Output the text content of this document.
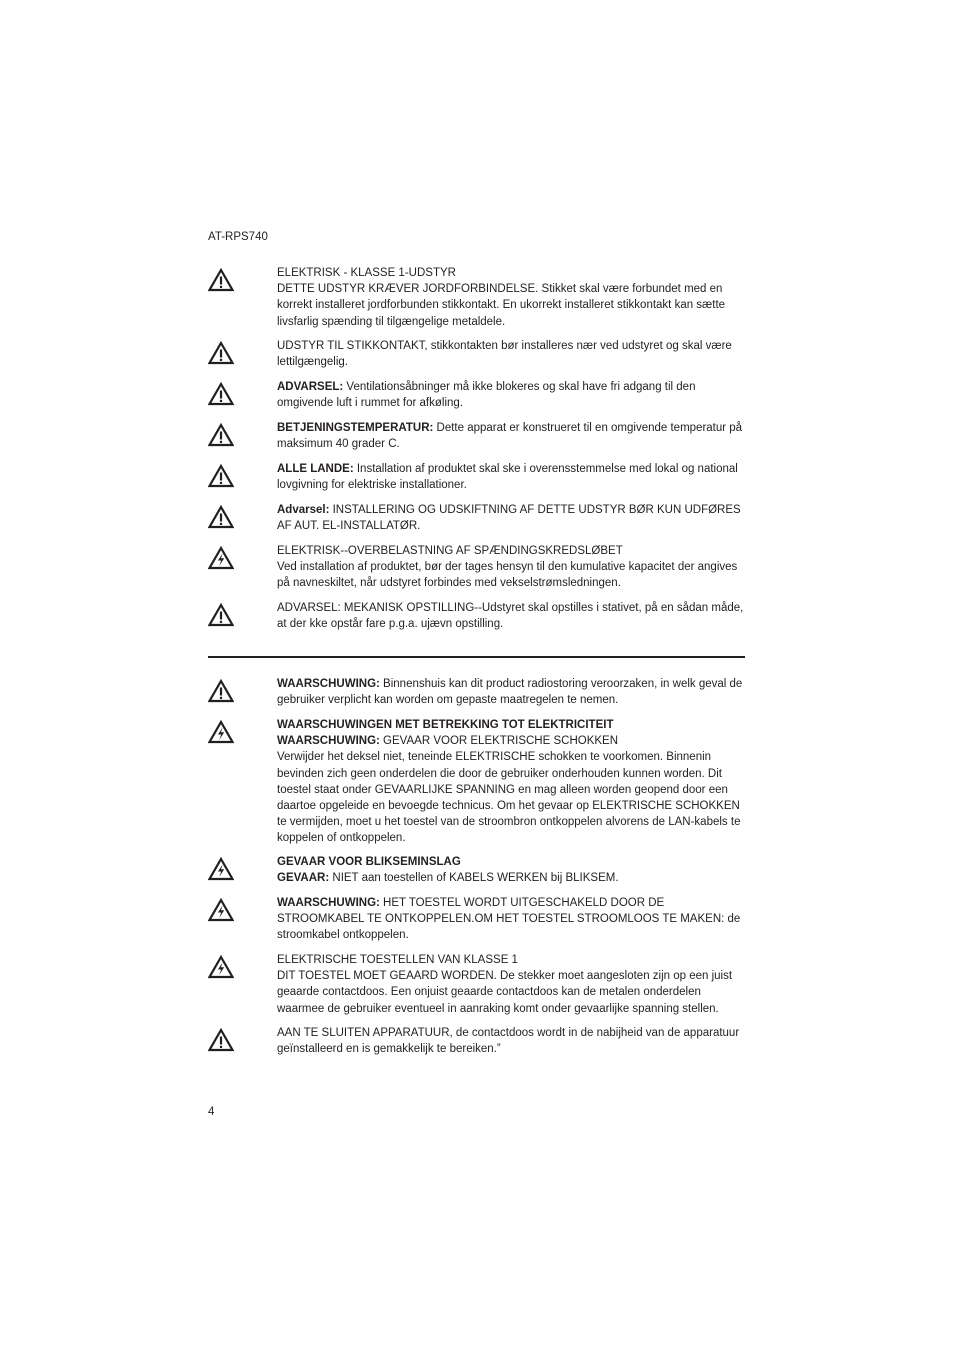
AT-RPS740

ELEKTRISK - KLASSE 1-UDSTYR

DETTE UDSTYR KRÆVER JORDFORBINDELSE. Stikket skal være forbundet med en korrekt installeret jordforbunden stikkontakt. En ukorrekt installeret stikkontakt kan sætte livsfarlig spænding til tilgængelige metaldele.

UDSTYR TIL STIKKONTAKT, stikkontakten bør installeres nær ved udstyret og skal være lettilgængelig.

ADVARSEL: Ventilationsåbninger må ikke blokeres og skal have fri adgang til den omgivende luft i rummet for afkøling.

BETJENINGSTEMPERATUR: Dette apparat er konstrueret til en omgivende temperatur på maksimum 40 grader C.

ALLE LANDE: Installation af produktet skal ske i overensstemmelse med lokal og national lovgivning for elektriske installationer.

Advarsel: INSTALLERING OG UDSKIFTNING AF DETTE UDSTYR BØR KUN UDFØRES AF AUT. EL-INSTALLATØR.

ELEKTRISK--OVERBELASTNING AF SPÆNDINGSKREDSLØBET

Ved installation af produktet, bør der tages hensyn til den kumulative kapacitet der angives på navneskiltet, når udstyret forbindes med vekselstrømsledningen.

ADVARSEL: MEKANISK OPSTILLING--Udstyret skal opstilles i stativet, på en sådan måde, at der kke opstår fare p.g.a. ujævn opstilling.

WAARSCHUWING: Binnenshuis kan dit product radiostoring veroorzaken, in welk geval de gebruiker verplicht kan worden om gepaste maatregelen te nemen.

WAARSCHUWINGEN MET BETREKKING TOT ELEKTRICITEIT

WAARSCHUWING: GEVAAR VOOR ELEKTRISCHE SCHOKKEN

Verwijder het deksel niet, teneinde ELEKTRISCHE schokken te voorkomen. Binnenin bevinden zich geen onderdelen die door de gebruiker onderhouden kunnen worden. Dit toestel staat onder GEVAARLIJKE SPANNING en mag alleen worden geopend door een daartoe opgeleide en bevoegde technicus. Om het gevaar op ELEKTRISCHE SCHOKKEN te vermijden, moet u het toestel van de stroombron ontkoppelen alvorens de LAN-kabels te koppelen of ontkoppelen.

GEVAAR VOOR BLIKSEMINSLAG

GEVAAR: NIET aan toestellen of KABELS WERKEN bij BLIKSEM.

WAARSCHUWING: HET TOESTEL WORDT UITGESCHAKELD DOOR DE STROOMKABEL TE ONTKOPPELEN.OM HET TOESTEL STROOMLOOS TE MAKEN: de stroomkabel ontkoppelen.

ELEKTRISCHE TOESTELLEN VAN KLASSE 1

DIT TOESTEL MOET GEAARD WORDEN. De stekker moet aangesloten zijn op een juist geaarde contactdoos. Een onjuist geaarde contactdoos kan de metalen onderdelen waarmee de gebruiker eventueel in aanraking komt onder gevaarlijke spanning stellen.

AAN TE SLUITEN APPARATUUR, de contactdoos wordt in de nabijheid van de apparatuur geïnstalleerd en is gemakkelijk te bereiken.”

4
